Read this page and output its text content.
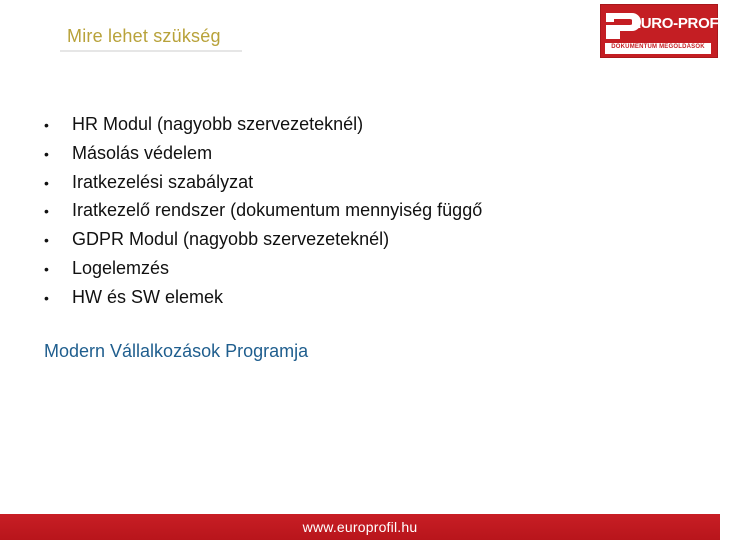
Mire lehet szükség
EURO-PROFIL
DOKUMENTUM MEGOLDÁSOK
• HR Modul (nagyobb szervezeteknél)
• Másolás védelem
• Iratkezelési szabályzat
• Iratkezelő rendszer (dokumentum mennyiség függő
• GDPR Modul (nagyobb szervezeteknél)
• Logelemzés
• HW és SW elemek
Modern Vállalkozások Programja
www.europrofil.hu
